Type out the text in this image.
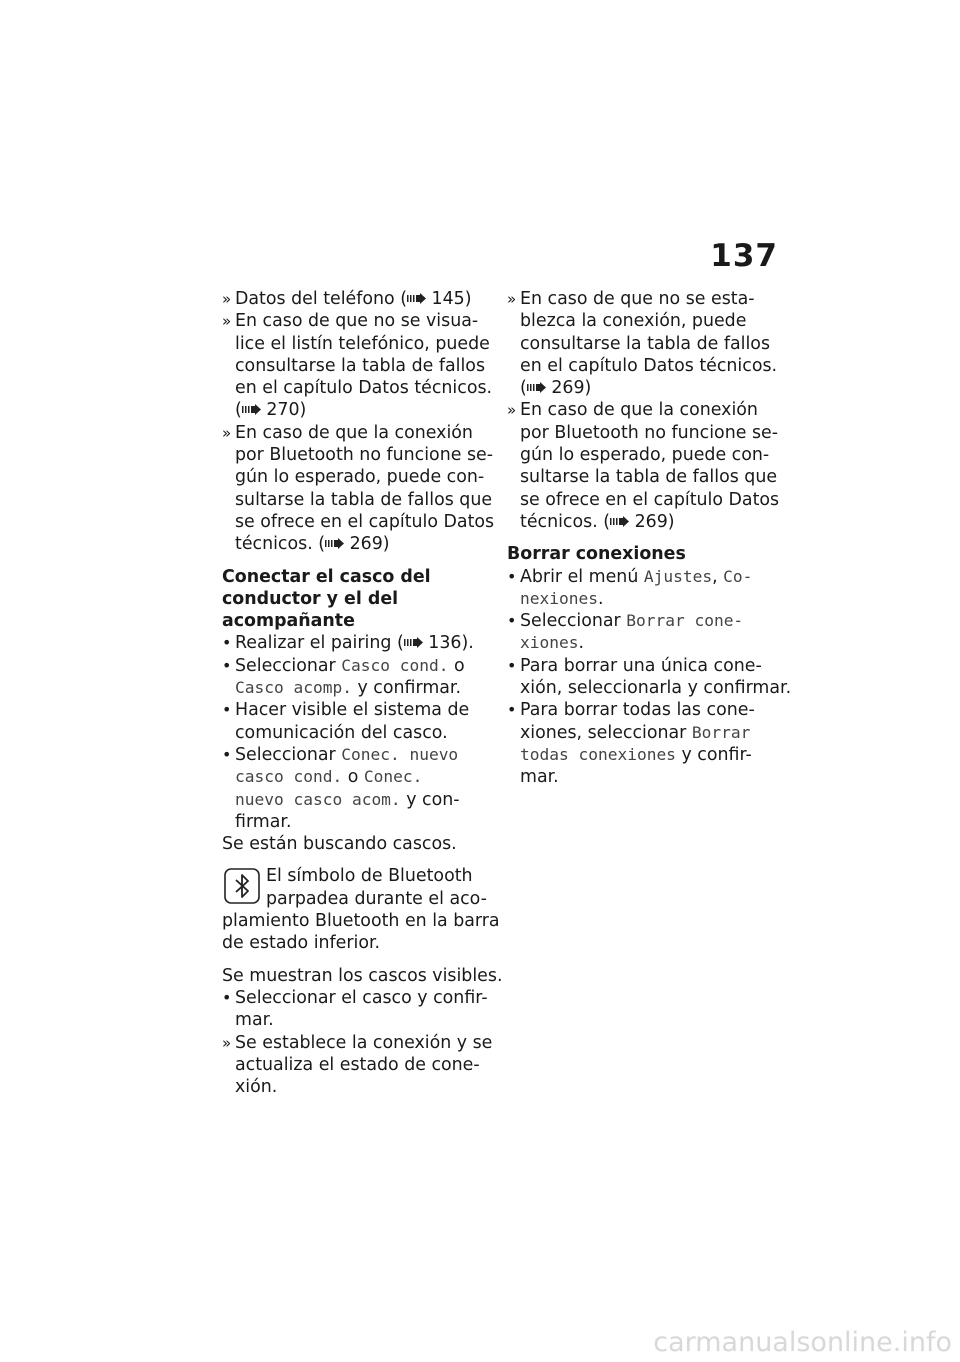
137
» Datos del teléfono ( 145)
» En caso de que no se visua-
lice el listín telefónico, puede
consultarse la tabla de fallos
en el capítulo Datos técnicos.
( 270)
» En caso de que la conexión
por Bluetooth no funcione se-
gún lo esperado, puede con-
sultarse la tabla de fallos que
se ofrece en el capítulo Datos
técnicos. ( 269)
Conectar el casco del
conductor y el del
acompañante
• Realizar el pairing ( 136).
• Seleccionar Casco cond. o
Casco acomp. y confirmar.
• Hacer visible el sistema de
comunicación del casco.
• Seleccionar Conec. nuevo
casco cond. o Conec.
nuevo casco acom. y con-
firmar.
Se están buscando cascos.
El símbolo de Bluetooth
parpadea durante el aco-
plamiento Bluetooth en la barra
de estado inferior.
Se muestran los cascos visibles.
• Seleccionar el casco y confir-
mar.
» Se establece la conexión y se
actualiza el estado de cone-
xión.
» En caso de que no se esta-
blezca la conexión, puede
consultarse la tabla de fallos
en el capítulo Datos técnicos.
( 269)
» En caso de que la conexión
por Bluetooth no funcione se-
gún lo esperado, puede con-
sultarse la tabla de fallos que
se ofrece en el capítulo Datos
técnicos. ( 269)
Borrar conexiones
• Abrir el menú Ajustes, Co-
nexiones.
• Seleccionar Borrar cone-
xiones.
• Para borrar una única cone-
xión, seleccionarla y confirmar.
• Para borrar todas las cone-
xiones, seleccionar Borrar
todas conexiones y confir-
mar.
carmanualsonline.info
